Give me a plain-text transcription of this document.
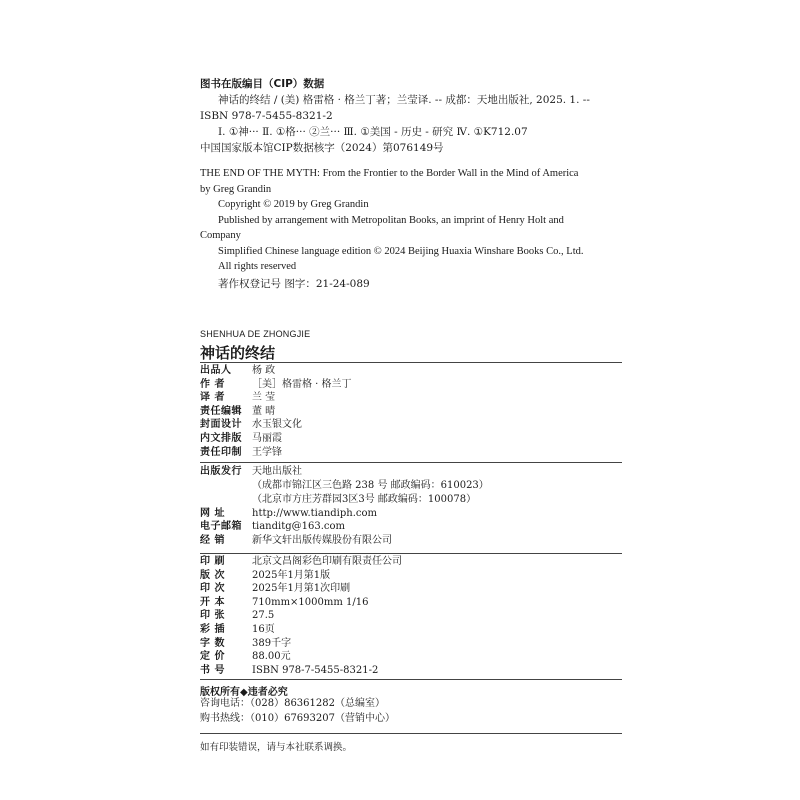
图书在版编目（CIP）数据
神话的终结 / (美) 格雷格 · 格兰丁著；兰莹译. -- 成都：天地出版社, 2025. 1. --
ISBN 978-7-5455-8321-2
Ⅰ. ①神··· Ⅱ. ①格··· ②兰··· Ⅲ. ①美国 - 历史 - 研究 Ⅳ. ①K712.07
中国国家版本馆CIP数据核字（2024）第076149号
THE END OF THE MYTH: From the Frontier to the Border Wall in the Mind of America
by Greg Grandin
Copyright © 2019 by Greg Grandin
Published by arrangement with Metropolitan Books, an imprint of Henry Holt and
Company
Simplified Chinese language edition © 2024 Beijing Huaxia Winshare Books Co., Ltd.
All rights reserved
著作权登记号 图字：21-24-089
SHENHUA DE ZHONGJIE
神话的终结
出品人	杨 政
作 者	［美］格雷格 · 格兰丁
译 者	兰 莹
责任编辑	董 晴
封面设计	水玉银文化
内文排版	马丽霞
责任印制	王学锋
出版发行	天地出版社
（成都市锦江区三色路 238 号 邮政编码：610023）
（北京市方庄芳群园3区3号 邮政编码：100078）
网 址	http://www.tiandiph.com
电子邮箱	tianditg@163.com
经 销	新华文轩出版传媒股份有限公司
印 刷	北京文昌阁彩色印刷有限责任公司
版 次	2025年1月第1版
印 次	2025年1月第1次印刷
开 本	710mm×1000mm 1/16
印 张	27.5
彩 插	16页
字 数	389千字
定 价	88.00元
书 号	ISBN 978-7-5455-8321-2
版权所有◆违者必究
咨询电话：（028）86361282（总编室）
购书热线：（010）67693207（营销中心）
如有印装错误，请与本社联系调换。
